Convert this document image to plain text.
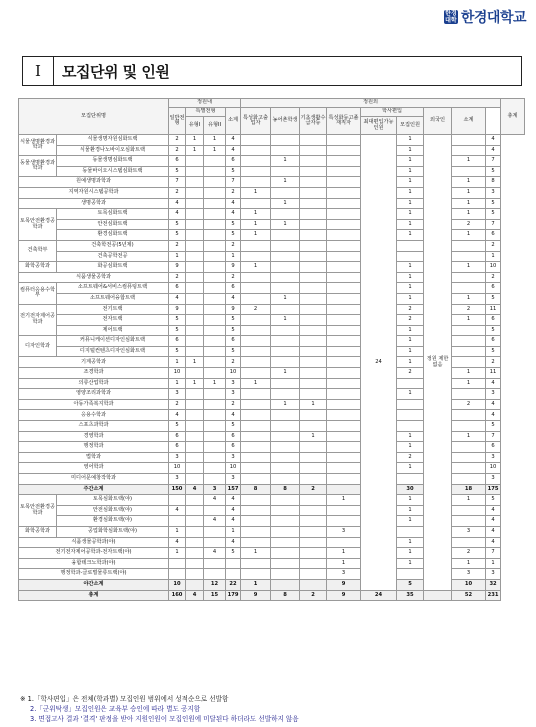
한경
대학 한경대학교
I	모집단위 및 인원
모집단위명		정원내				정원외									총계
		일반전형	특별전형		소계	특성화고출업자	농어촌학생	기초생활수급자등	특성화등고졸재직자	학사편입		외국인	소계		
			유형I	유형II						최대편입가능인원	모집인원				

식물생명환경과학과	식물생명자원심화트랙	2	1	1	4					24	1	정원 제한 없음		4	
	식물환경나노바이오심화트랙	2	1	1	4						1			4	
동물생명환경과학과	동물생명심화트랙	6			6		1				1		1	7	
	동물바이오시스템심화트랙	5			5						1			5	
원예생명과학과		7			7		1				1		1	8	
지역자원시스템공학과		2			2	1					1		1	3	
생명공학과		4			4		1				1		1	5	
토목안전환경공학과	토목심화트랙	4			4	1					1		1	5	
	안전심화트랙	5			5	1	1				1		2	7	
	환경심화트랙	5			5	1					1		1	6	
건축학부	건축학전공(5년제)	2			2									2	
	건축공학전공	1			1									1	
화학공학과	화공심화트랙	9			9	1					1		1	10	
식품생물공학과		2			2						1			2	
컴퓨터응용수학부	소프트웨어&서비스컴퓨팅트랙	6			6						1			6	
	소프트웨어융합트랙	4			4		1				1		1	5	
전기전자제어공학과	전기트랙	9			9	2					2		2	11	
	전자트랙	5			5		1				2		1	6	
	제어트랙	5			5						1			5	
디자인학과	커뮤니케이션디자인심화트랙	6			6						1			6	
	디지털컨텐츠디자인심화트랙	5			5						1			5	
기계공학과		1	1		2						1			2	
조경학과		10			10		1				2		1	11	
의류산업학과		1	1	1	3	1							1	4	
영양조리과학과		3			3						1			3	
아동가족복지학과		2			2		1	1					2	4	
응용수학과		4			4									4	
스포츠과학과		5			5									5	
경영학과		6			6			1			1		1	7	
행정학과		6			6						1			6	
법학과		3			3						2			3	
영어학과		10			10						1			10	
미디어문예창작학과		3			3									3	
주간소계		150	4	3	157	8	8	2			30		18	175	
토목안전환경공학과	토목심화트랙(야)			4	4				1		1		1	5	
	안전심화트랙(야)	4			4						1			4	
	환경심화트랙(야)			4	4						1			4	
화학공학과	공업화학심화트랙(야)	1			1				3				3	4	
식품생물공학과(야)		4			4						1			4	
전기전자제어공학과-전자트랙(야)		1		4	5	1			1		1		2	7	
융합테크노학과(야)									1		1		1	1	
행정학과-글로벌물류트랙(야)									3				3	3	
야간소계		10		12	22	1			9		5		10	32	
총계		160	4	15	179	9	8	2	9	24	35		52	231	
※ 1.「학사편입」은 전체(학과별) 모집인원 범위에서 성적순으로 선발함
2.「군위탁생」모집인원은 교육부 승인에 따라 별도 공지함
3. 면접고사 결과 '결격' 판정을 받아 지원인원이 모집인원에 미달된다 하더라도 선발하지 않음
